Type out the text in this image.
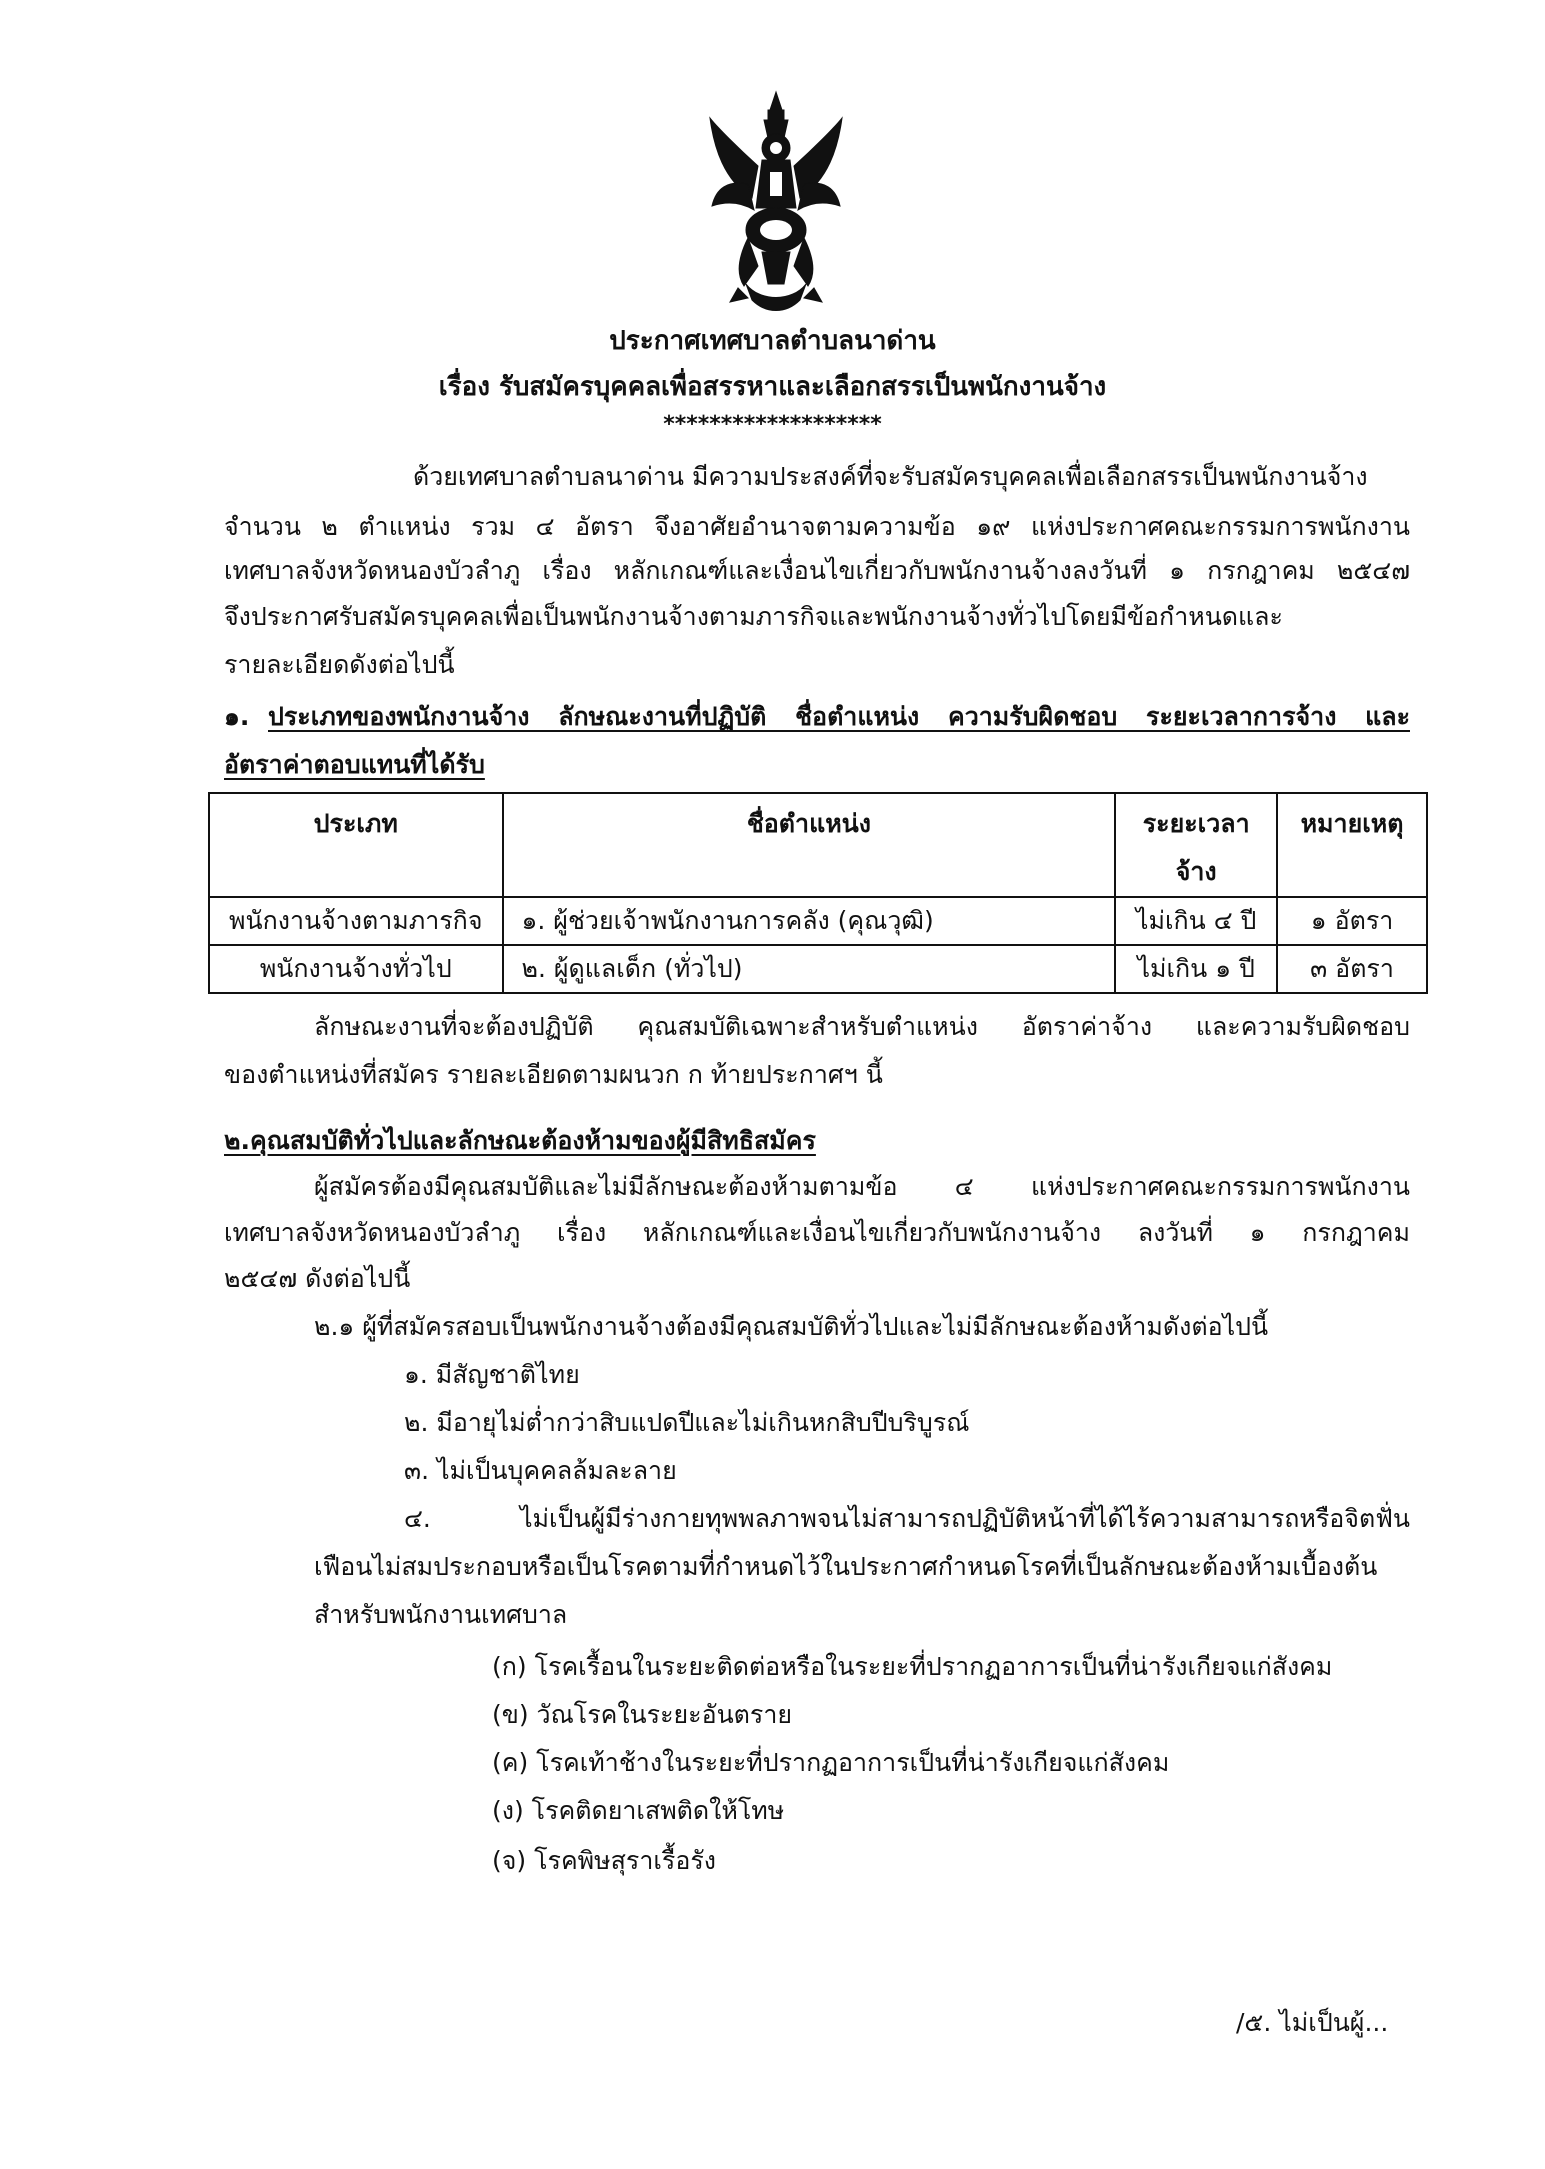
ประกาศเทศบาลตำบลนาด่าน
เรื่อง รับสมัครบุคคลเพื่อสรรหาและเลือกสรรเป็นพนักงานจ้าง
*******************
ด้วยเทศบาลตำบลนาด่าน มีความประสงค์ที่จะรับสมัครบุคคลเพื่อเลือกสรรเป็นพนักงานจ้าง
จำนวน ๒ ตำแหน่ง รวม ๔ อัตรา จึงอาศัยอำนาจตามความข้อ ๑๙ แห่งประกาศคณะกรรมการพนักงาน
เทศบาลจังหวัดหนองบัวลำภู เรื่อง หลักเกณฑ์และเงื่อนไขเกี่ยวกับพนักงานจ้างลงวันที่ ๑ กรกฎาคม ๒๕๔๗
จึงประกาศรับสมัครบุคคลเพื่อเป็นพนักงานจ้างตามภารกิจและพนักงานจ้างทั่วไปโดยมีข้อกำหนดและ
รายละเอียดดังต่อไปนี้
๑. ประเภทของพนักงานจ้าง ลักษณะงานที่ปฏิบัติ ชื่อตำแหน่ง ความรับผิดชอบ ระยะเวลาการจ้าง และ
อัตราค่าตอบแทนที่ได้รับ
ประเภท	ชื่อตำแหน่ง	ระยะเวลา
จ้าง	หมายเหตุ
พนักงานจ้างตามภารกิจ	๑. ผู้ช่วยเจ้าพนักงานการคลัง (คุณวุฒิ)	ไม่เกิน ๔ ปี	๑ อัตรา
พนักงานจ้างทั่วไป	๒. ผู้ดูแลเด็ก (ทั่วไป)	ไม่เกิน ๑ ปี	๓ อัตรา
ลักษณะงานที่จะต้องปฏิบัติ คุณสมบัติเฉพาะสำหรับตำแหน่ง อัตราค่าจ้าง และความรับผิดชอบ
ของตำแหน่งที่สมัคร รายละเอียดตามผนวก ก ท้ายประกาศฯ นี้
๒.คุณสมบัติทั่วไปและลักษณะต้องห้ามของผู้มีสิทธิสมัคร
ผู้สมัครต้องมีคุณสมบัติและไม่มีลักษณะต้องห้ามตามข้อ ๔ แห่งประกาศคณะกรรมการพนักงาน
เทศบาลจังหวัดหนองบัวลำภู เรื่อง หลักเกณฑ์และเงื่อนไขเกี่ยวกับพนักงานจ้าง ลงวันที่ ๑ กรกฎาคม
๒๕๔๗ ดังต่อไปนี้
๒.๑ ผู้ที่สมัครสอบเป็นพนักงานจ้างต้องมีคุณสมบัติทั่วไปและไม่มีลักษณะต้องห้ามดังต่อไปนี้
๑. มีสัญชาติไทย
๒. มีอายุไม่ต่ำกว่าสิบแปดปีและไม่เกินหกสิบปีบริบูรณ์
๓. ไม่เป็นบุคคลล้มละลาย
๔. ไม่เป็นผู้มีร่างกายทุพพลภาพจนไม่สามารถปฏิบัติหน้าที่ได้ไร้ความสามารถหรือจิตฟั่น
เฟือนไม่สมประกอบหรือเป็นโรคตามที่กำหนดไว้ในประกาศกำหนดโรคที่เป็นลักษณะต้องห้ามเบื้องต้น
สำหรับพนักงานเทศบาล
(ก) โรคเรื้อนในระยะติดต่อหรือในระยะที่ปรากฏอาการเป็นที่น่ารังเกียจแก่สังคม
(ข) วัณโรคในระยะอันตราย
(ค) โรคเท้าช้างในระยะที่ปรากฏอาการเป็นที่น่ารังเกียจแก่สังคม
(ง) โรคติดยาเสพติดให้โทษ
(จ) โรคพิษสุราเรื้อรัง
/๕. ไม่เป็นผู้...
